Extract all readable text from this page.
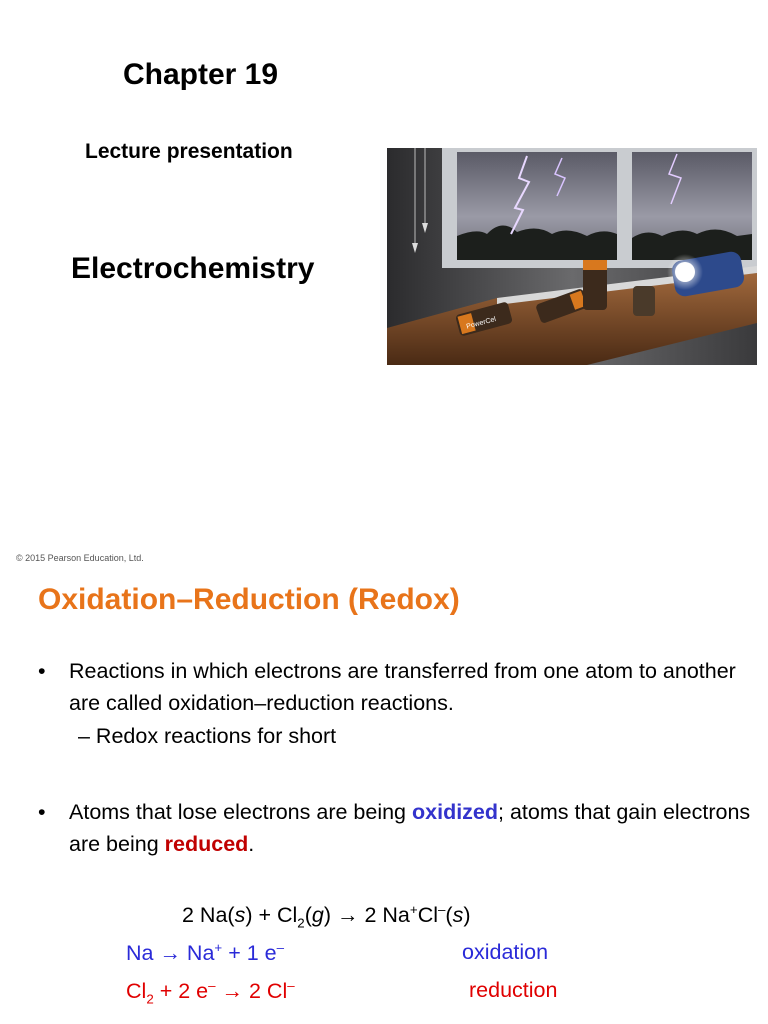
Chapter 19
Lecture presentation
Electrochemistry
PowerCel
© 2015 Pearson Education, Ltd.
Oxidation–Reduction (Redox)
•	Reactions in which electrons are transferred from one atom to another are called oxidation–reduction reactions.
– Redox reactions for short
•	Atoms that lose electrons are being oxidized; atoms that gain electrons are being reduced.
2 $Na(s) + Cl_2(g) \to 2$ Na+Cl–(s)
Na → Na+ + 1 e–	oxidation
$Cl_2 + 2$ e– → 2 Cl–	reduction
